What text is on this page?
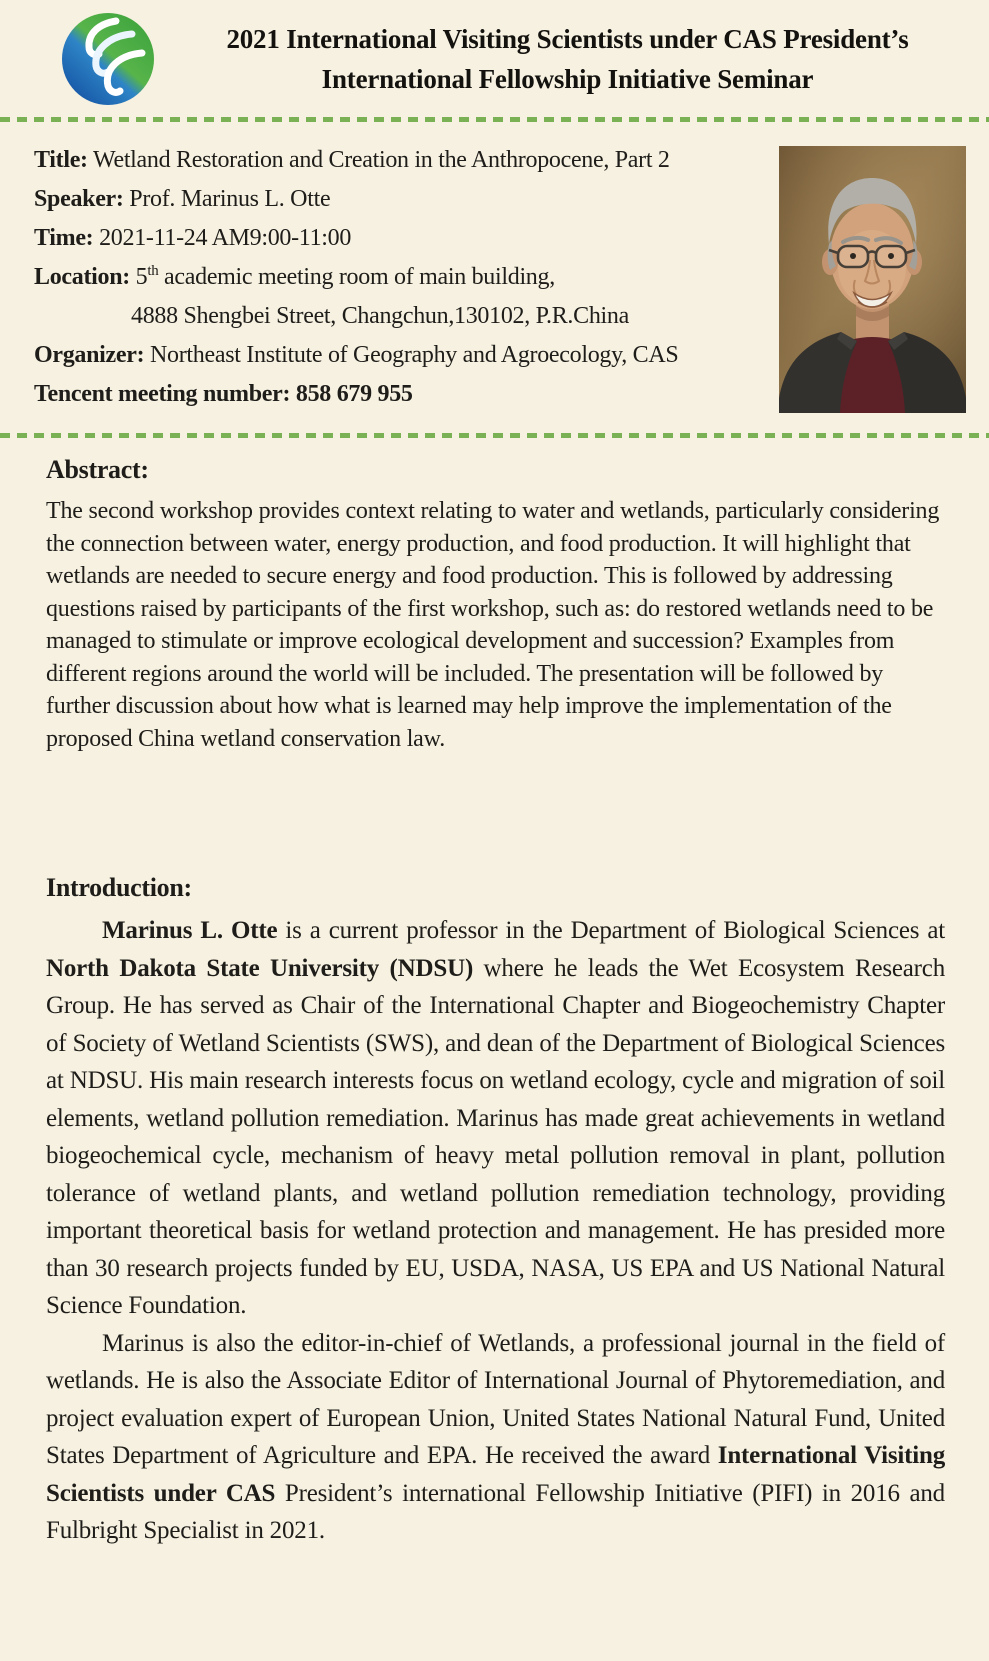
2021 International Visiting Scientists under CAS President’s
International Fellowship Initiative Seminar
Title: Wetland Restoration and Creation in the Anthropocene, Part 2
Speaker: Prof. Marinus L. Otte
Time: 2021-11-24 AM9:00-11:00
Location: 5th academic meeting room of main building,
4888 Shengbei Street, Changchun,130102, P.R.China
Organizer: Northeast Institute of Geography and Agroecology, CAS
Tencent meeting number: 858 679 955
Abstract:

The second workshop provides context relating to water and wetlands, particularly considering the connection between water, energy production, and food production. It will highlight that wetlands are needed to secure energy and food production. This is followed by addressing questions raised by participants of the first workshop, such as: do restored wetlands need to be managed to stimulate or improve ecological development and succession? Examples from different regions around the world will be included. The presentation will be followed by further discussion about how what is learned may help improve the implementation of the proposed China wetland conservation law.

Introduction:

Marinus L. Otte is a current professor in the Department of Biological Sciences at North Dakota State University (NDSU) where he leads the Wet Ecosystem Research Group. He has served as Chair of the International Chapter and Biogeochemistry Chapter of Society of Wetland Scientists (SWS), and dean of the Department of Biological Sciences at NDSU. His main research interests focus on wetland ecology, cycle and migration of soil elements, wetland pollution remediation. Marinus has made great achievements in wetland biogeochemical cycle, mechanism of heavy metal pollution removal in plant, pollution tolerance of wetland plants, and wetland pollution remediation technology, providing important theoretical basis for wetland protection and management. He has presided more than 30 research projects funded by EU, USDA, NASA, US EPA and US National Natural Science Foundation.

Marinus is also the editor-in-chief of Wetlands, a professional journal in the field of wetlands. He is also the Associate Editor of International Journal of Phytoremediation, and project evaluation expert of European Union, United States National Natural Fund, United States Department of Agriculture and EPA. He received the award International Visiting Scientists under CAS President’s international Fellowship Initiative (PIFI) in 2016 and Fulbright Specialist in 2021.
